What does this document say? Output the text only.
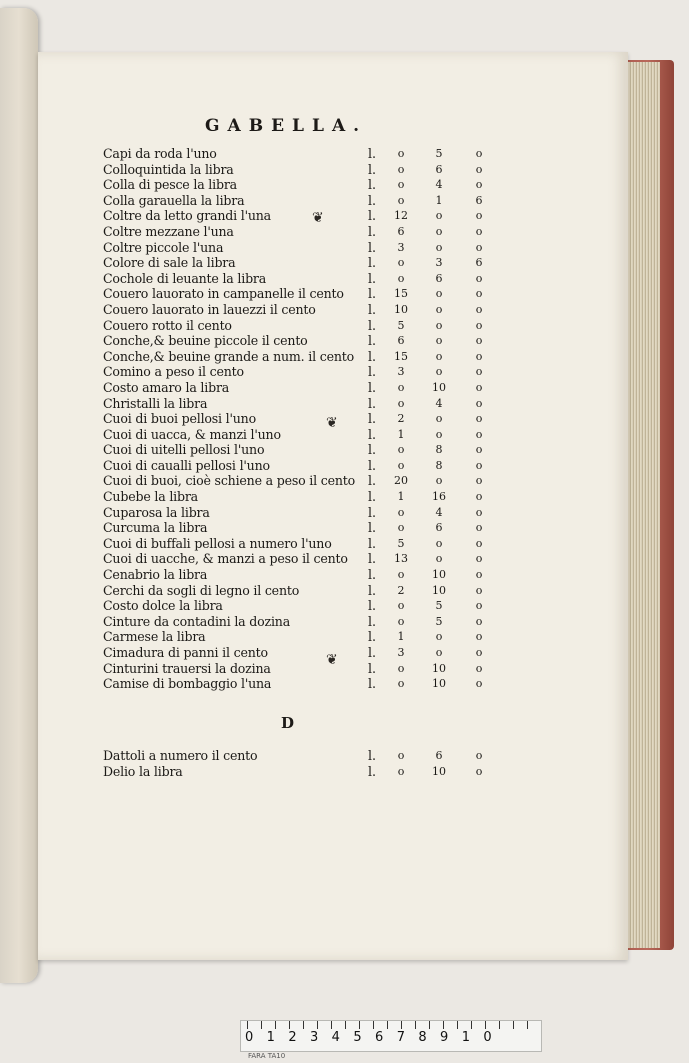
GABELLA.
❦
❦
❦
Capi da roda l'uno	l.	o	5	o
Colloquintida la libra	l.	o	6	o
Colla di pesce la libra	l.	o	4	o
Colla garauella la libra	l.	o	1	6
Coltre da letto grandi l'una	l. 12	o	o
Coltre mezzane l'una	l.	6	o	o
Coltre piccole l'una	l.	3	o	o
Colore di sale la libra	l.	o	3	6
Cochole di leuante la libra	l.	o	6	o
Couero lauorato in campanelle il cento l. 15	o	o
Couero lauorato in lauezzi il cento	l. 10	o	o
Couero rotto il cento	l.	5	o	o
Conche,& beuine piccole il cento	l.	6	o	o
Conche,& beuine grande a num. il cento l. 15	o	o
Comino a peso il cento	l.	3	o	o
Costo amaro la libra	l.	o	10	o
Christalli la libra	l.	o	4	o
Cuoi di buoi pellosi l'uno	l.	2	o	o
Cuoi di uacca, & manzi l'uno	l.	1	o	o
Cuoi di uitelli pellosi l'uno	l.	o	8	o
Cuoi di caualli pellosi l'uno	l.	o	8	o
Cuoi di buoi, cioè schiene a peso il cento l. 20	o	o
Cubebe la libra	l.	1	16	o
Cuparosa la libra	l.	o	4	o
Curcuma la libra	l.	o	6	o
Cuoi di buffali pellosi a numero l'uno	l.	5	o	o
Cuoi di uacche, & manzi a peso il cento l. 13	o	o
Cenabrio la libra	l.	o	10	o
Cerchi da sogli di legno il cento	l.	2	10	o
Costo dolce la libra	l.	o	5	o
Cinture da contadini la dozina	l.	o	5	o
Carmese la libra	l.	1	o	o
Cimadura di panni il cento	l.	3	o	o
Cinturini trauersi la dozina	l.	o	10	o
Camise di bombaggio l'una	l.	o	10	o
D
Dattoli a numero il cento	l.	o	6	o
Delio la libra	l.	o	10	o
012345678910
FARA TA10
